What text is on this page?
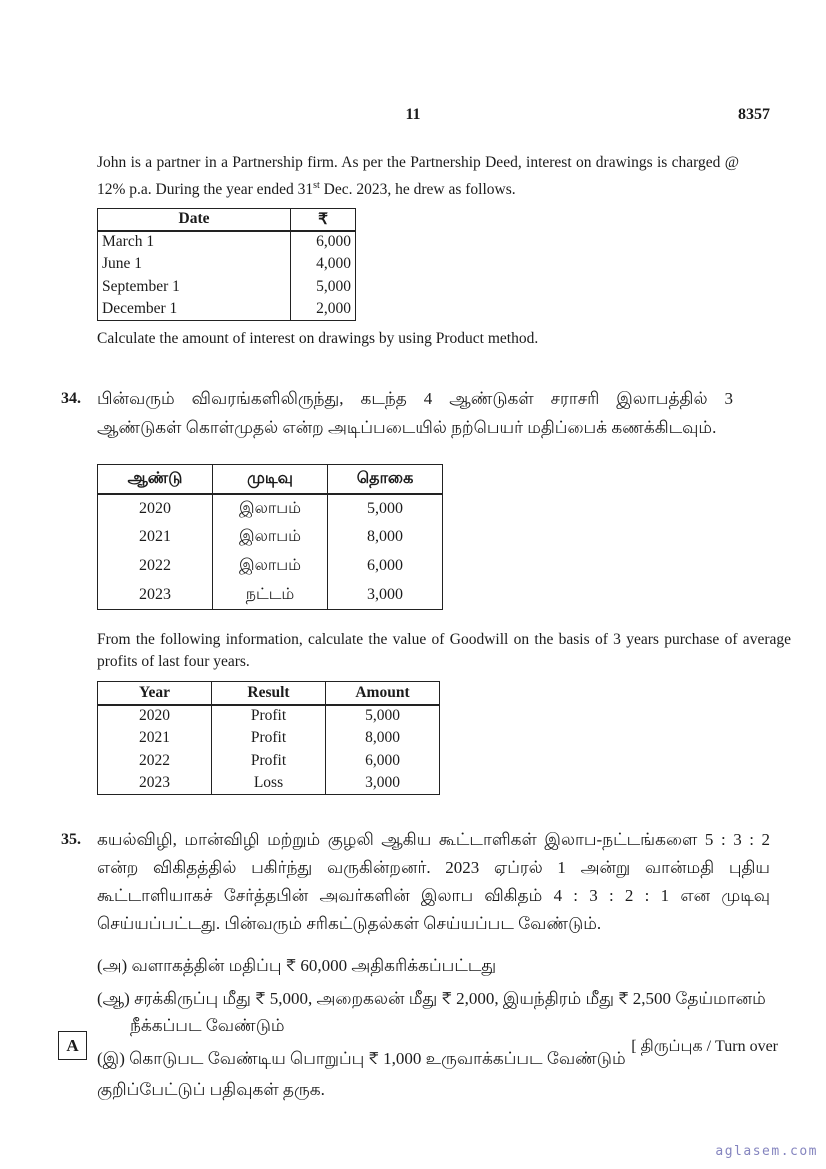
11	8357

John is a partner in a Partnership firm. As per the Partnership Deed, interest on drawings is charged @ 12% p.a. During the year ended 31st Dec. 2023, he drew as follows.

Date	₹
March 1	6,000
June 1	4,000
September 1	5,000
December 1	2,000

Calculate the amount of interest on drawings by using Product method.

34. பின்வரும் விவரங்களிலிருந்து, கடந்த 4 ஆண்டுகள் சராசரி இலாபத்தில் 3 ஆண்டுகள் கொள்முதல் என்ற அடிப்படையில் நற்பெயர் மதிப்பைக் கணக்கிடவும்.
ஆண்டு	முடிவு	தொகை
2020	இலாபம்	5,000
2021	இலாபம்	8,000
2022	இலாபம்	6,000
2023	நட்டம்	3,000

From the following information, calculate the value of Goodwill on the basis of 3 years purchase of average profits of last four years.

Year	Result	Amount
2020	Profit	5,000
2021	Profit	8,000
2022	Profit	6,000
2023	Loss	3,000
35. கயல்விழி, மான்விழி மற்றும் குழலி ஆகிய கூட்டாளிகள் இலாப-நட்டங்களை 5 : 3 : 2 என்ற விகிதத்தில் பகிர்ந்து வருகின்றனர். 2023 ஏப்ரல் 1 அன்று வான்மதி புதிய கூட்டாளியாகச் சேர்த்தபின் அவர்களின் இலாப விகிதம் 4 : 3 : 2 : 1 என முடிவு செய்யப்பட்டது. பின்வரும் சரிகட்டுதல்கள் செய்யப்பட வேண்டும்.
(அ) வளாகத்தின் மதிப்பு ₹ 60,000 அதிகரிக்கப்பட்டது
(ஆ) சரக்கிருப்பு மீது ₹ 5,000, அறைகலன் மீது ₹ 2,000, இயந்திரம் மீது ₹ 2,500 தேய்மானம் நீக்கப்பட வேண்டும்
(இ) கொடுபட வேண்டிய பொறுப்பு ₹ 1,000 உருவாக்கப்பட வேண்டும்

குறிப்பேட்டுப் பதிவுகள் தருக.

A	[ திருப்புக / Turn over
aglasem.com
